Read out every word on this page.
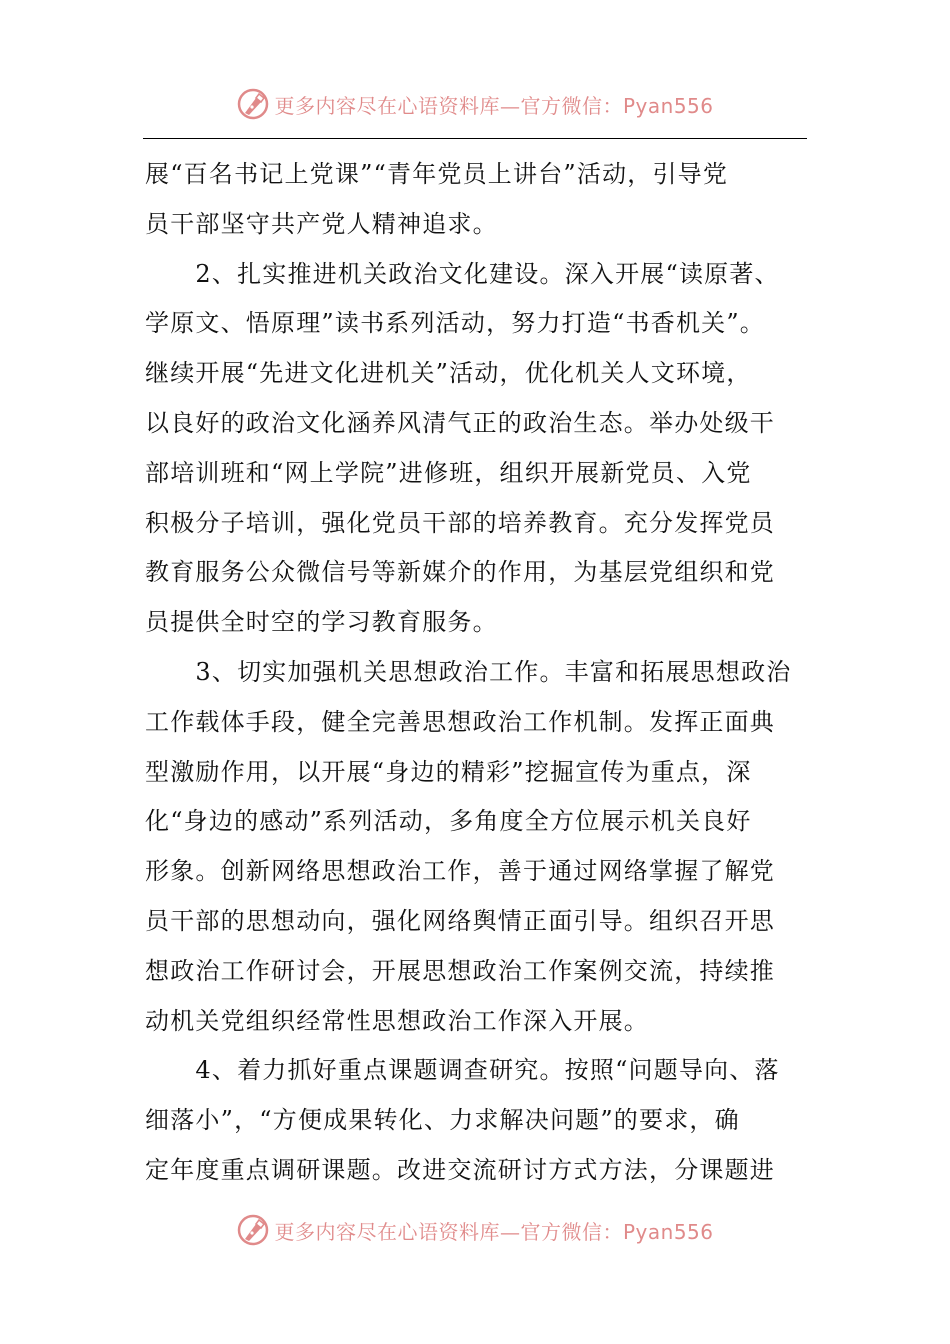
更多内容尽在心语资料库—官方微信：Pyan556
展“百名书记上党课”“青年党员上讲台”活动，引导党
员干部坚守共产党人精神追求。
　　2、扎实推进机关政治文化建设。深入开展“读原著、
学原文、悟原理”读书系列活动，努力打造“书香机关”。
继续开展“先进文化进机关”活动，优化机关人文环境，
以良好的政治文化涵养风清气正的政治生态。举办处级干
部培训班和“网上学院”进修班，组织开展新党员、入党
积极分子培训，强化党员干部的培养教育。充分发挥党员
教育服务公众微信号等新媒介的作用，为基层党组织和党
员提供全时空的学习教育服务。
　　3、切实加强机关思想政治工作。丰富和拓展思想政治
工作载体手段，健全完善思想政治工作机制。发挥正面典
型激励作用，以开展“身边的精彩”挖掘宣传为重点，深
化“身边的感动”系列活动，多角度全方位展示机关良好
形象。创新网络思想政治工作，善于通过网络掌握了解党
员干部的思想动向，强化网络舆情正面引导。组织召开思
想政治工作研讨会，开展思想政治工作案例交流，持续推
动机关党组织经常性思想政治工作深入开展。
　　4、着力抓好重点课题调查研究。按照“问题导向、落
细落小”，“方便成果转化、力求解决问题”的要求，确
定年度重点调研课题。改进交流研讨方式方法，分课题进
更多内容尽在心语资料库—官方微信：Pyan556
